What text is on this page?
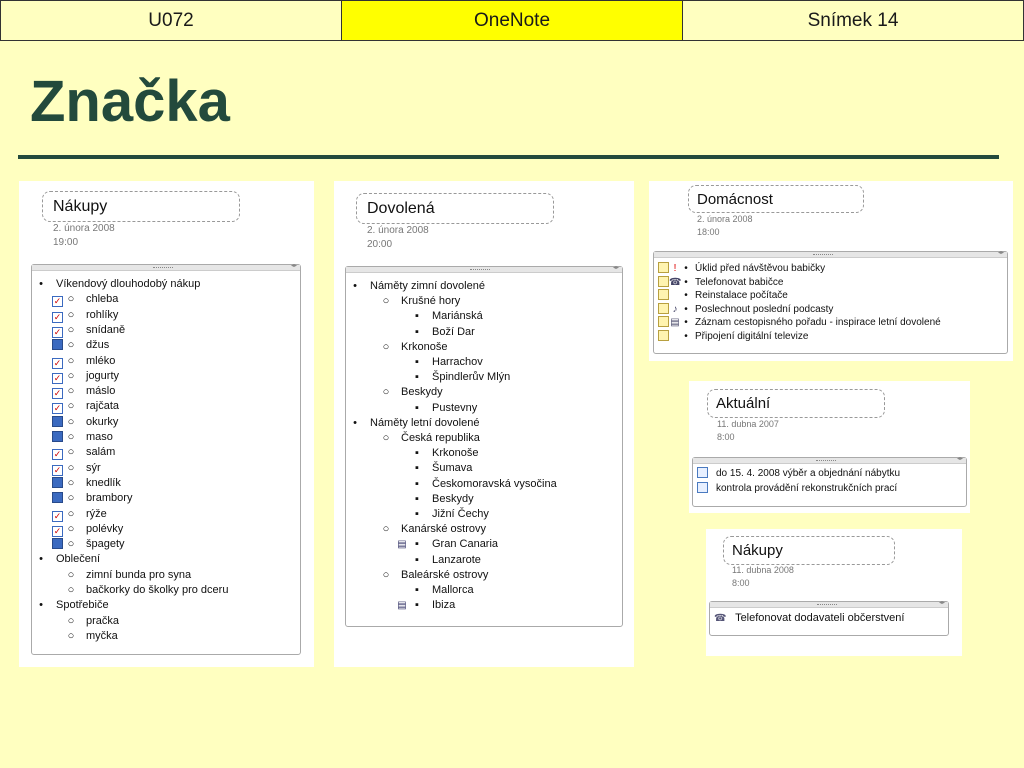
U072	OneNote	Snímek 14
Značka
Nákupy
2. února 2008
19:00
◂▸
• Víkendový dlouhodobý nákup
✓ ○ chleba
✓ ○ rohlíky
✓ ○ snídaně
○ džus
✓ ○ mléko
✓ ○ jogurty
✓ ○ máslo
✓ ○ rajčata
○ okurky
○ maso
✓ ○ salám
✓ ○ sýr
○ knedlík
○ brambory
✓ ○ rýže
✓ ○ polévky
○ špagety
• Oblečení
○ zimní bunda pro syna
○ bačkorky do školky pro dceru
• Spotřebiče
○ pračka
○ myčka
Dovolená
2. února 2008
20:00
◂▸
• Náměty zimní dovolené
○ Krušné hory
▪ Mariánská
▪ Boží Dar
○ Krkonoše
▪ Harrachov
▪ Špindlerův Mlýn
○ Beskydy
▪ Pustevny
• Náměty letní dovolené
○ Česká republika
▪ Krkonoše
▪ Šumava
▪ Českomoravská vysočina
▪ Beskydy
▪ Jižní Čechy
○ Kanárské ostrovy
▤ ▪ Gran Canaria
▪ Lanzarote
○ Baleárské ostrovy
▪ Mallorca
▤ ▪ Ibiza
Domácnost
2. února 2008
18:00
◂▸
! • Úklid před návštěvou babičky
☎ • Telefonovat babičce
• Reinstalace počítače
♪ • Poslechnout poslední podcasty
▤ • Záznam cestopisného pořadu - inspirace letní dovolené
• Připojení digitální televize
Aktuální
11. dubna 2007
8:00
◂▸
do 15. 4. 2008 výběr a objednání nábytku
kontrola provádění rekonstrukčních prací
Nákupy
11. dubna 2008
8:00
◂▸
☎ Telefonovat dodavateli občerstvení
